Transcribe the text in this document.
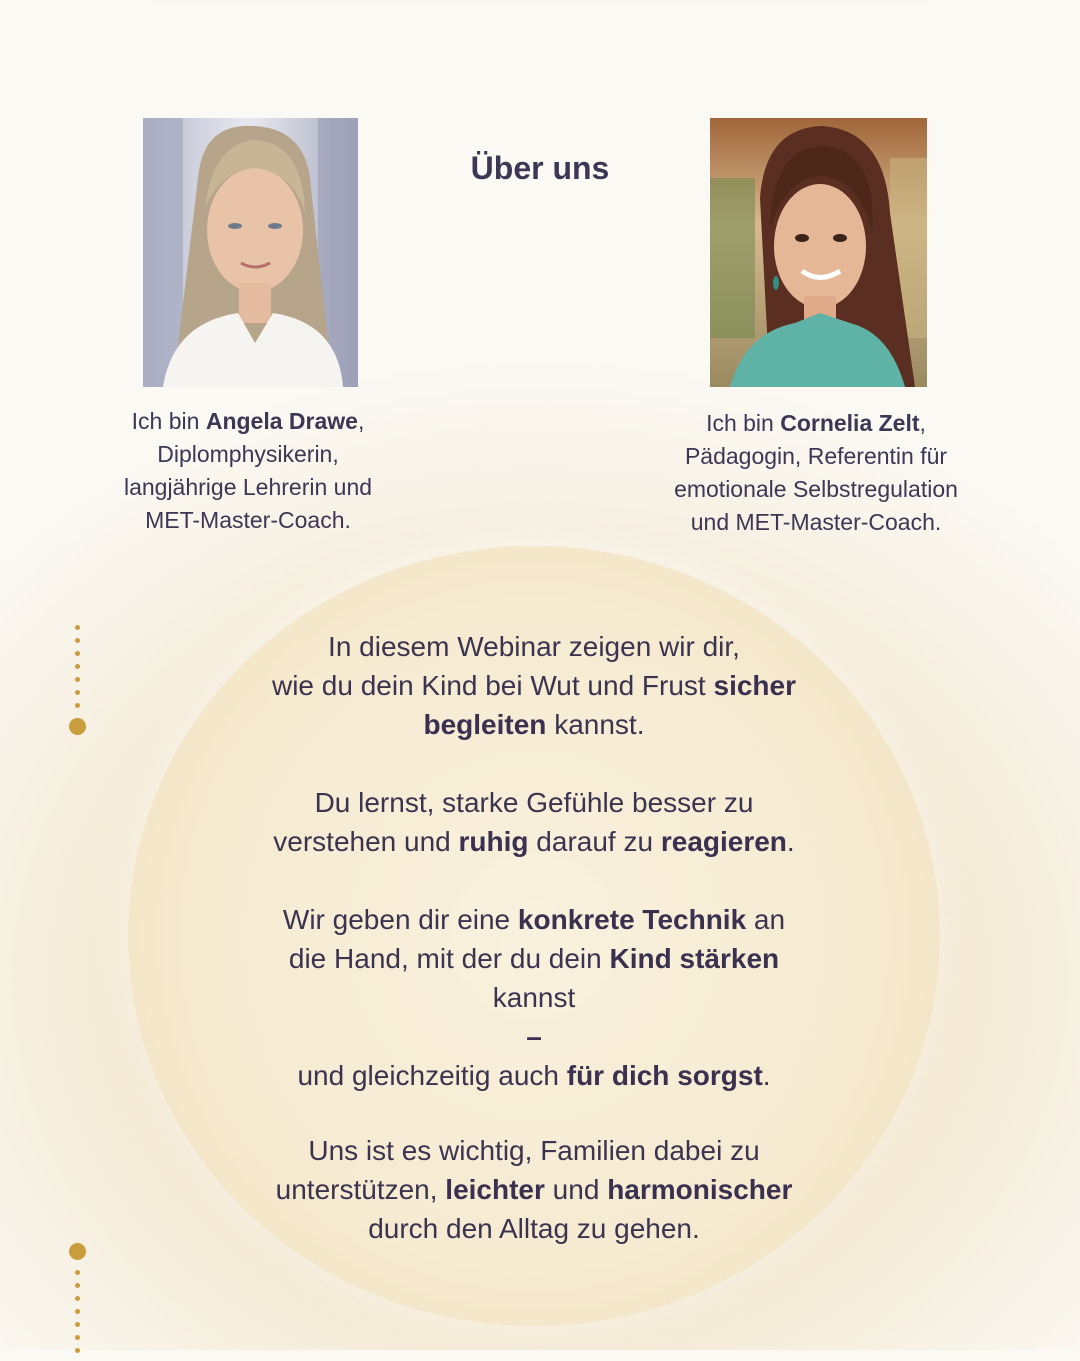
Über uns
Ich bin Angela Drawe,
Diplomphysikerin,
langjährige Lehrerin und
MET-Master-Coach.
Ich bin Cornelia Zelt,
Pädagogin, Referentin für
emotionale Selbstregulation
und MET-Master-Coach.
In diesem Webinar zeigen wir dir,
wie du dein Kind bei Wut und Frust sicher
begleiten kannst.
Du lernst, starke Gefühle besser zu
verstehen und ruhig darauf zu reagieren.
Wir geben dir eine konkrete Technik an
die Hand, mit der du dein Kind stärken
kannst
–
und gleichzeitig auch für dich sorgst.
Uns ist es wichtig, Familien dabei zu
unterstützen, leichter und harmonischer
durch den Alltag zu gehen.
